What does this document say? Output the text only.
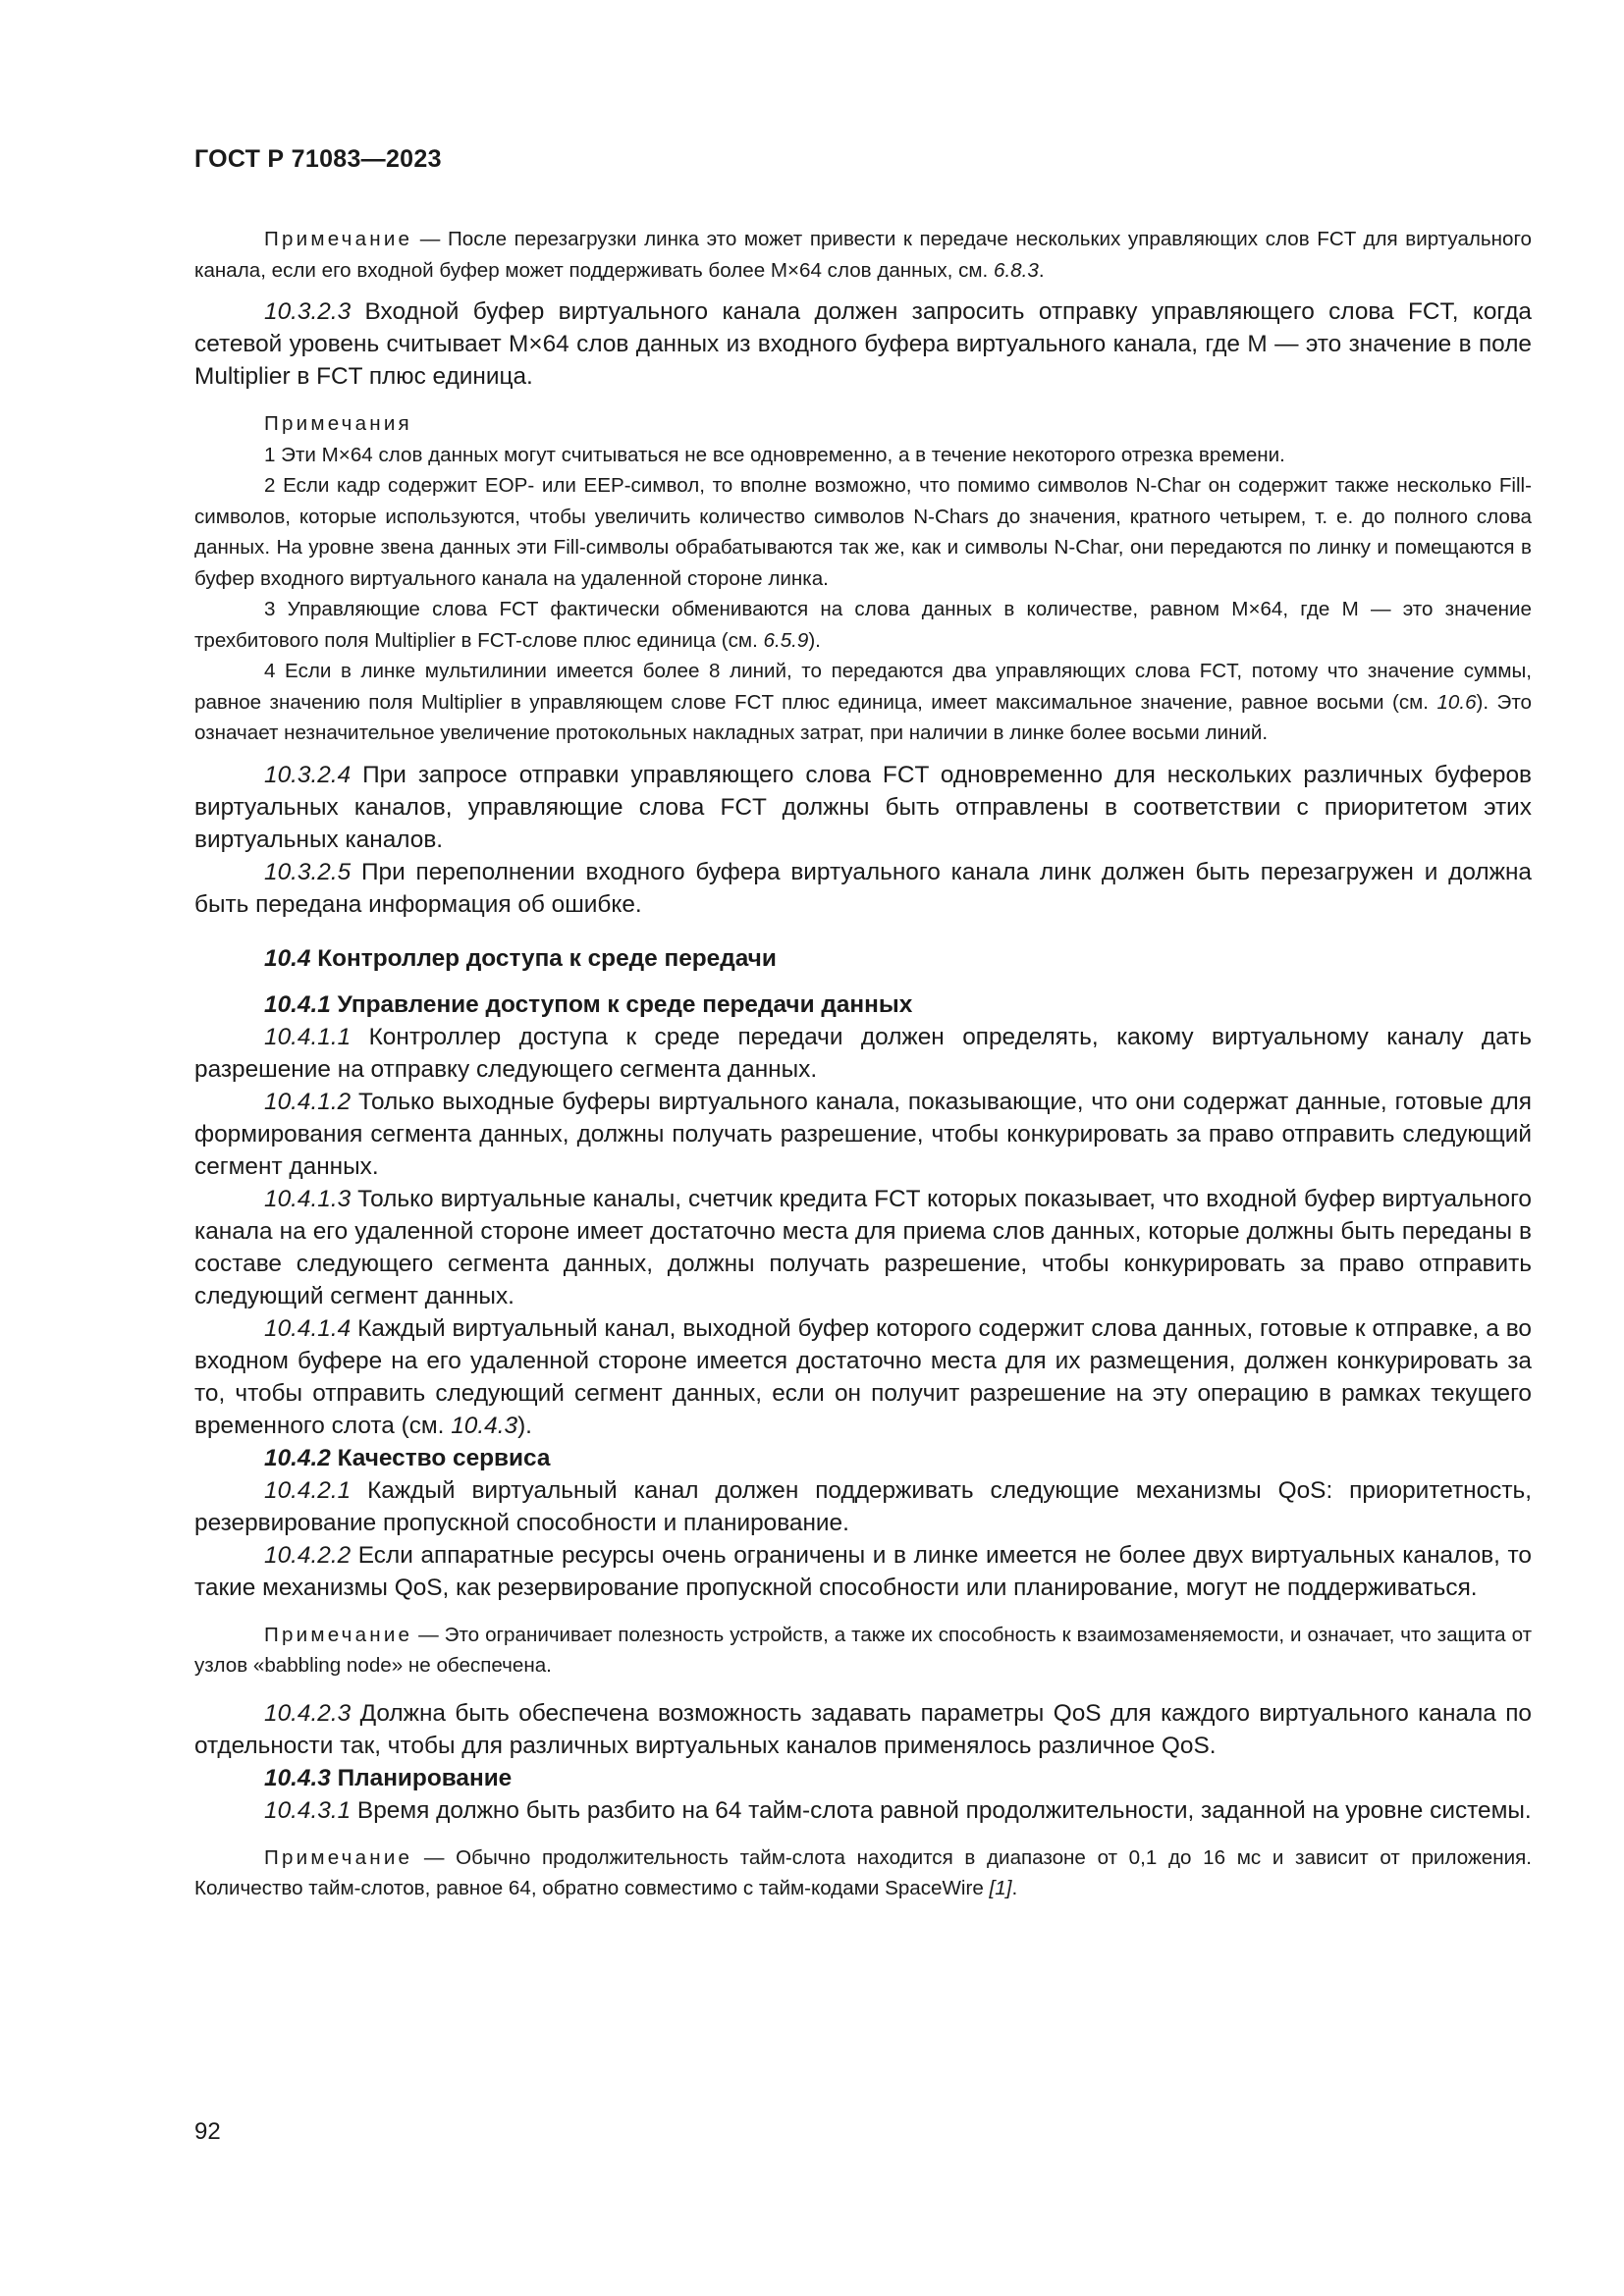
ГОСТ Р 71083—2023

Примечание — После перезагрузки линка это может привести к передаче нескольких управляющих слов FCT для виртуального канала, если его входной буфер может поддерживать более M×64 слов данных, см. 6.8.3.

10.3.2.3 Входной буфер виртуального канала должен запросить отправку управляющего слова FCT, когда сетевой уровень считывает M×64 слов данных из входного буфера виртуального канала, где M — это значение в поле Multiplier в FCT плюс единица.

Примечания

1 Эти M×64 слов данных могут считываться не все одновременно, а в течение некоторого отрезка времени.

2 Если кадр содержит EOP- или EEP-символ, то вполне возможно, что помимо символов N-Char он содержит также несколько Fill-символов, которые используются, чтобы увеличить количество символов N-Chars до значения, кратного четырем, т. е. до полного слова данных. На уровне звена данных эти Fill-символы обрабатываются так же, как и символы N-Char, они передаются по линку и помещаются в буфер входного виртуального канала на удаленной стороне линка.

3 Управляющие слова FCT фактически обмениваются на слова данных в количестве, равном M×64, где M — это значение трехбитового поля Multiplier в FCT-слове плюс единица (см. 6.5.9).

4 Если в линке мультилинии имеется более 8 линий, то передаются два управляющих слова FCT, потому что значение суммы, равное значению поля Multiplier в управляющем слове FCT плюс единица, имеет максимальное значение, равное восьми (см. 10.6). Это означает незначительное увеличение протокольных накладных затрат, при наличии в линке более восьми линий.

10.3.2.4 При запросе отправки управляющего слова FCT одновременно для нескольких различных буферов виртуальных каналов, управляющие слова FCT должны быть отправлены в соответствии с приоритетом этих виртуальных каналов.

10.3.2.5 При переполнении входного буфера виртуального канала линк должен быть перезагружен и должна быть передана информация об ошибке.

10.4 Контроллер доступа к среде передачи

10.4.1 Управление доступом к среде передачи данных

10.4.1.1 Контроллер доступа к среде передачи должен определять, какому виртуальному каналу дать разрешение на отправку следующего сегмента данных.

10.4.1.2 Только выходные буферы виртуального канала, показывающие, что они содержат данные, готовые для формирования сегмента данных, должны получать разрешение, чтобы конкурировать за право отправить следующий сегмент данных.

10.4.1.3 Только виртуальные каналы, счетчик кредита FCT которых показывает, что входной буфер виртуального канала на его удаленной стороне имеет достаточно места для приема слов данных, которые должны быть переданы в составе следующего сегмента данных, должны получать разрешение, чтобы конкурировать за право отправить следующий сегмент данных.

10.4.1.4 Каждый виртуальный канал, выходной буфер которого содержит слова данных, готовые к отправке, а во входном буфере на его удаленной стороне имеется достаточно места для их размещения, должен конкурировать за то, чтобы отправить следующий сегмент данных, если он получит разрешение на эту операцию в рамках текущего временного слота (см. 10.4.3).

10.4.2 Качество сервиса

10.4.2.1 Каждый виртуальный канал должен поддерживать следующие механизмы QoS: приоритетность, резервирование пропускной способности и планирование.

10.4.2.2 Если аппаратные ресурсы очень ограничены и в линке имеется не более двух виртуальных каналов, то такие механизмы QoS, как резервирование пропускной способности или планирование, могут не поддерживаться.

Примечание — Это ограничивает полезность устройств, а также их способность к взаимозаменяемости, и означает, что защита от узлов «babbling node» не обеспечена.

10.4.2.3 Должна быть обеспечена возможность задавать параметры QoS для каждого виртуального канала по отдельности так, чтобы для различных виртуальных каналов применялось различное QoS.

10.4.3 Планирование

10.4.3.1 Время должно быть разбито на 64 тайм-слота равной продолжительности, заданной на уровне системы.

Примечание — Обычно продолжительность тайм-слота находится в диапазоне от 0,1 до 16 мс и зависит от приложения. Количество тайм-слотов, равное 64, обратно совместимо с тайм-кодами SpaceWire [1].

92
